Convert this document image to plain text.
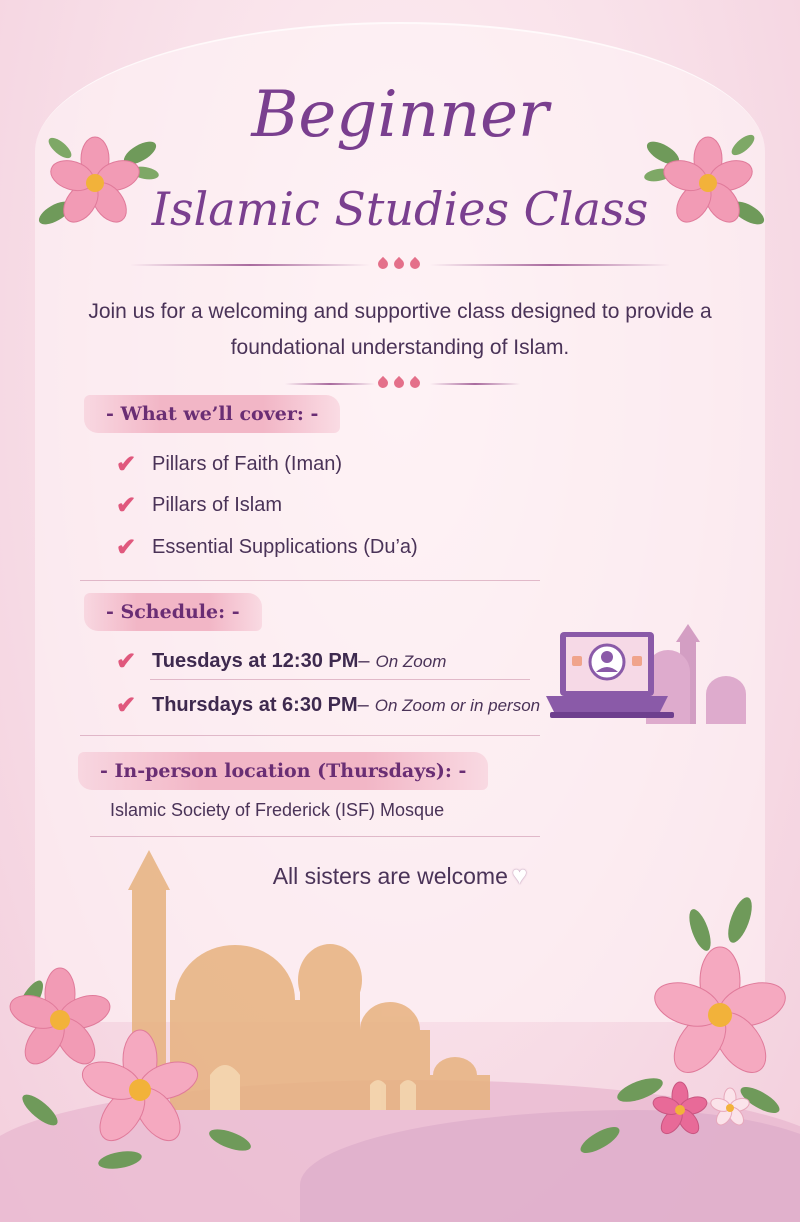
Beginner
Islamic Studies Class
Join us for a welcoming and supportive class designed to provide a foundational understanding of Islam.
- What we’ll cover: -
✔ Pillars of Faith (Iman)
✔ Pillars of Islam
✔ Essential Supplications (Du’a)
- Schedule: -
✔ Tuesdays at 12:30 PM – On Zoom
✔ Thursdays at 6:30 PM – On Zoom or in person
- In-person location (Thursdays): -
Islamic Society of Frederick (ISF) Mosque
All sisters are welcome ♥
